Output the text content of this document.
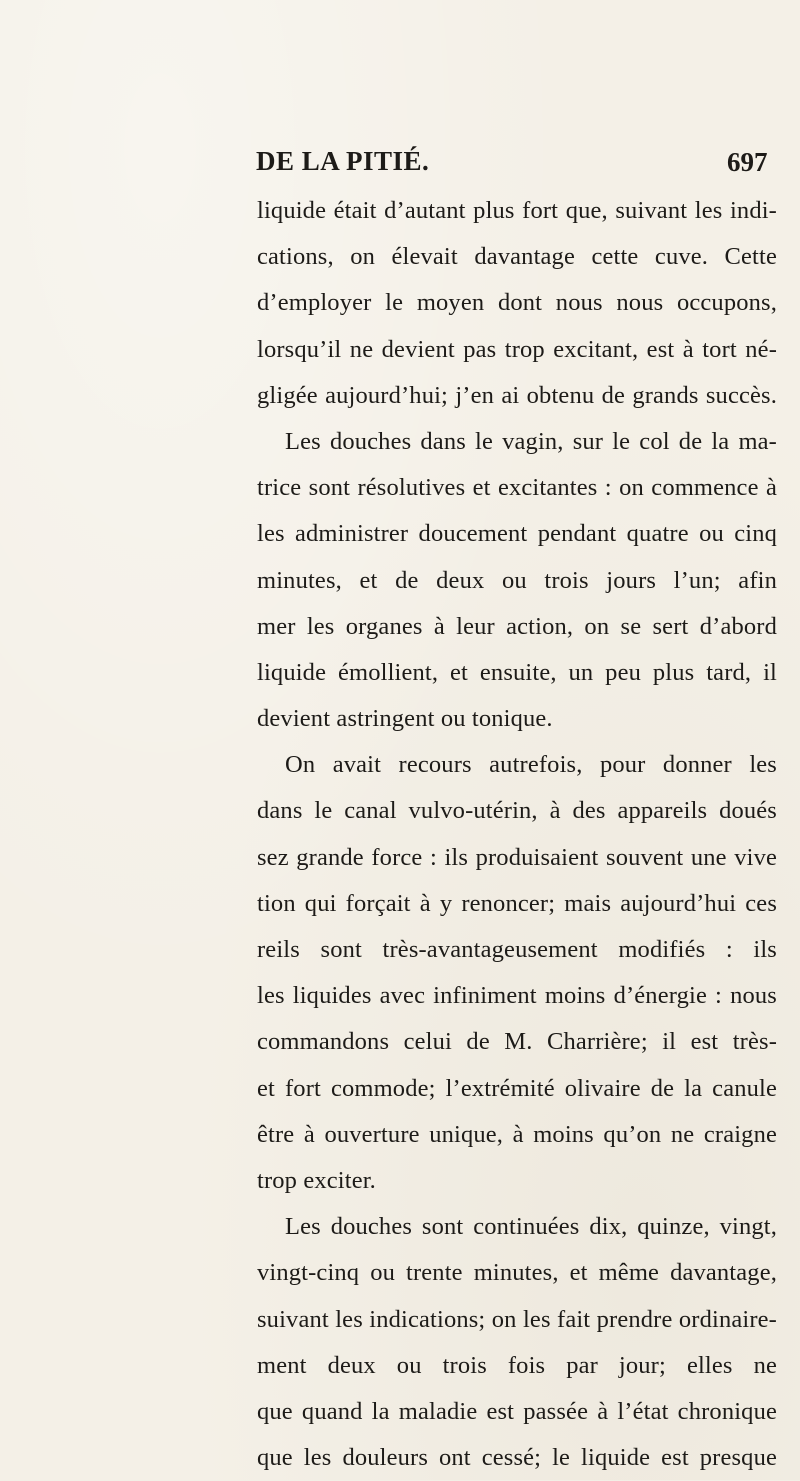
DE LA PITIÉ.	697
liquide était d’autant plus fort que, suivant les indi-
cations, on élevait davantage cette cuve. Cette
d’employer le moyen dont nous nous occupons,
lorsqu’il ne devient pas trop excitant, est à tort né-
gligée aujourd’hui; j’en ai obtenu de grands succès.
Les douches dans le vagin, sur le col de la ma-
trice sont résolutives et excitantes : on commence à
les administrer doucement pendant quatre ou cinq
minutes, et de deux ou trois jours l’un; afin
mer les organes à leur action, on se sert d’abord
liquide émollient, et ensuite, un peu plus tard, il
devient astringent ou tonique.
On avait recours autrefois, pour donner les
dans le canal vulvo-utérin, à des appareils doués
sez grande force : ils produisaient souvent une vive
tion qui forçait à y renoncer; mais aujourd’hui ces
reils sont très-avantageusement modifiés : ils
les liquides avec infiniment moins d’énergie : nous
commandons celui de M. Charrière; il est très-
et fort commode; l’extrémité olivaire de la canule
être à ouverture unique, à moins qu’on ne craigne
trop exciter.
Les douches sont continuées dix, quinze, vingt,
vingt-cinq ou trente minutes, et même davantage,
suivant les indications; on les fait prendre ordinaire-
ment deux ou trois fois par jour; elles ne
que quand la maladie est passée à l’état chronique
que les douleurs ont cessé; le liquide est presque
